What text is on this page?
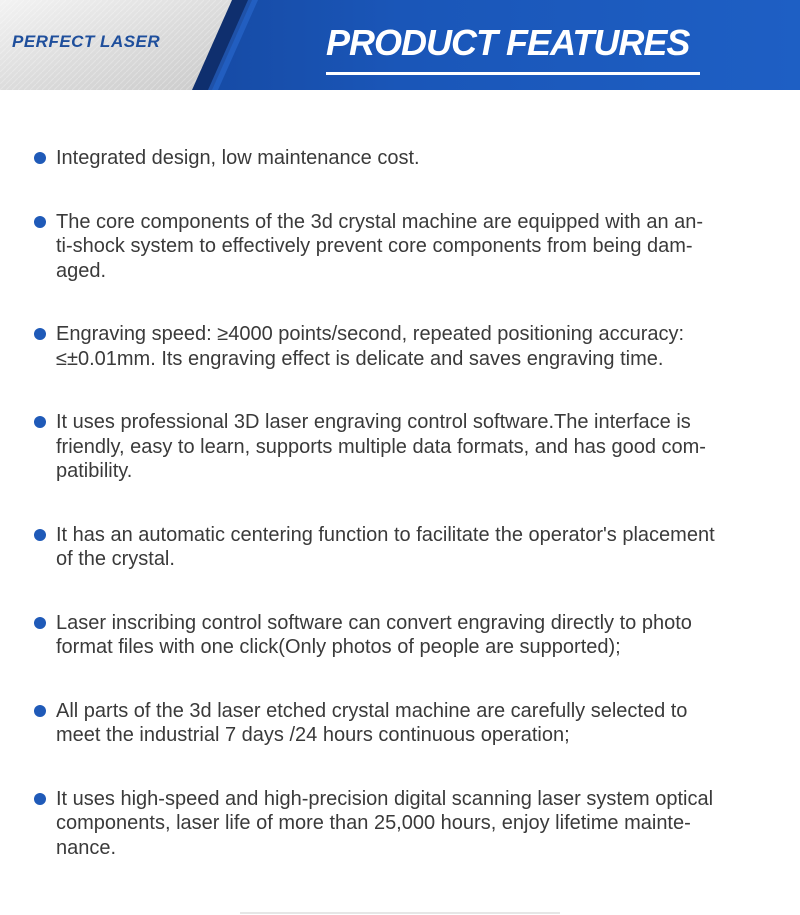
PERFECT LASER	PRODUCT FEATURES
Integrated design, low maintenance cost.
The core components of the 3d crystal machine are equipped with an an-
ti-shock system to effectively prevent core components from being dam-
aged.
Engraving speed: ≥4000 points/second, repeated positioning accuracy:
≤±0.01mm. Its engraving effect is delicate and saves engraving time.
It uses professional 3D laser engraving control software.The interface is
friendly, easy to learn, supports multiple data formats, and has good com-
patibility.
It has an automatic centering function to facilitate the operator's placement
of the crystal.
Laser inscribing control software can convert engraving directly to photo
format files with one click(Only photos of people are supported);
All parts of the 3d laser etched crystal machine are carefully selected to
meet the industrial 7 days /24 hours continuous operation;
It uses high-speed and high-precision digital scanning laser system optical
components, laser life of more than 25,000 hours, enjoy lifetime mainte-
nance.
